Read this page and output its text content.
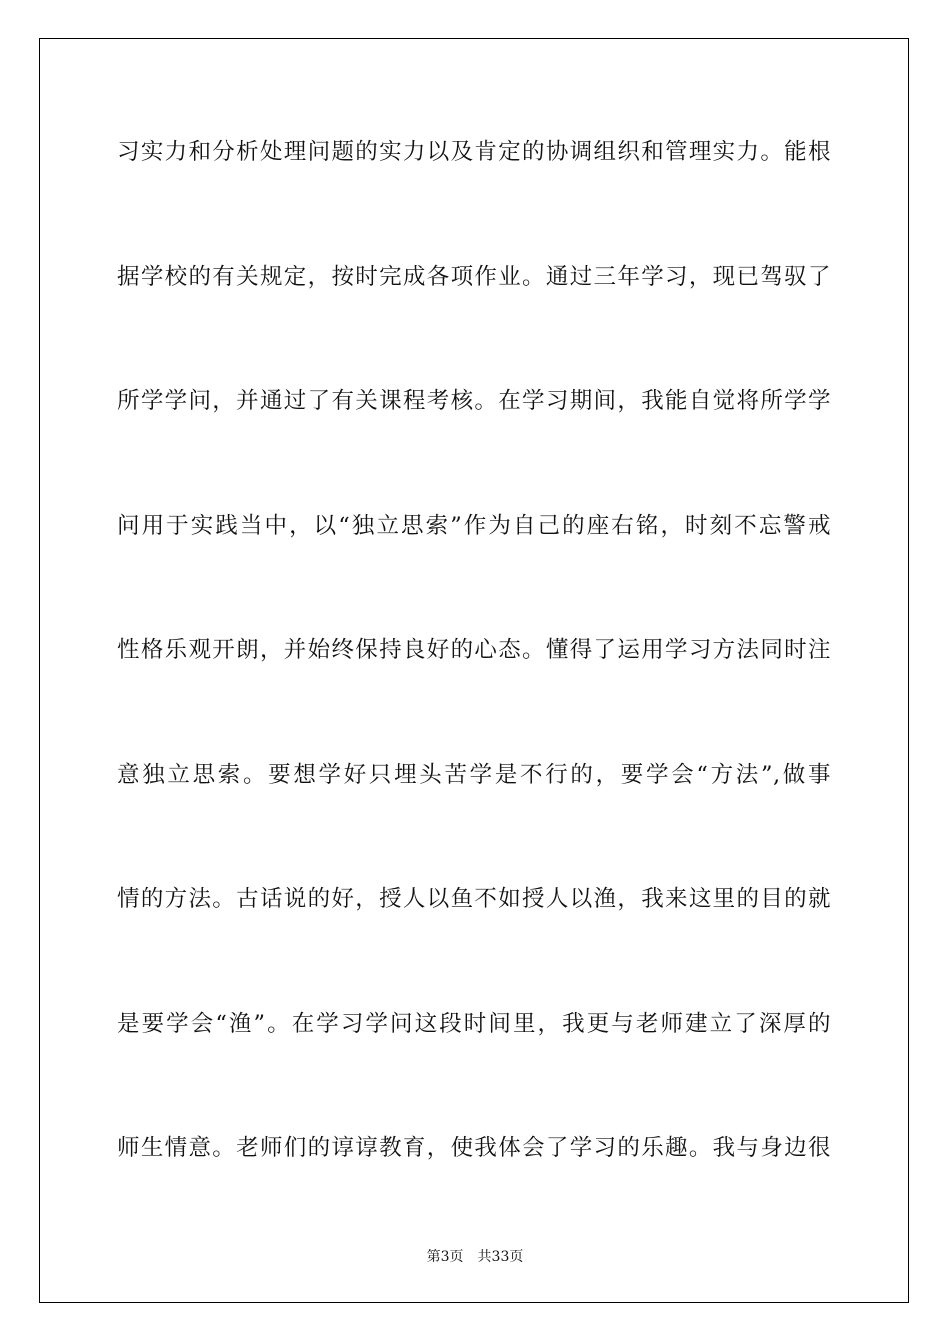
习实力和分析处理问题的实力以及肯定的协调组织和管理实力。能根
据学校的有关规定，按时完成各项作业。通过三年学习，现已驾驭了
所学学问，并通过了有关课程考核。在学习期间，我能自觉将所学学
问用于实践当中，以“独立思索”作为自己的座右铭，时刻不忘警戒
性格乐观开朗，并始终保持良好的心态。懂得了运用学习方法同时注
意独立思索。要想学好只埋头苦学是不行的，要学会“方法”,做事
情的方法。古话说的好，授人以鱼不如授人以渔，我来这里的目的就
是要学会“渔”。在学习学问这段时间里，我更与老师建立了深厚的
师生情意。老师们的谆谆教育，使我体会了学习的乐趣。我与身边很
第3页 共33页
